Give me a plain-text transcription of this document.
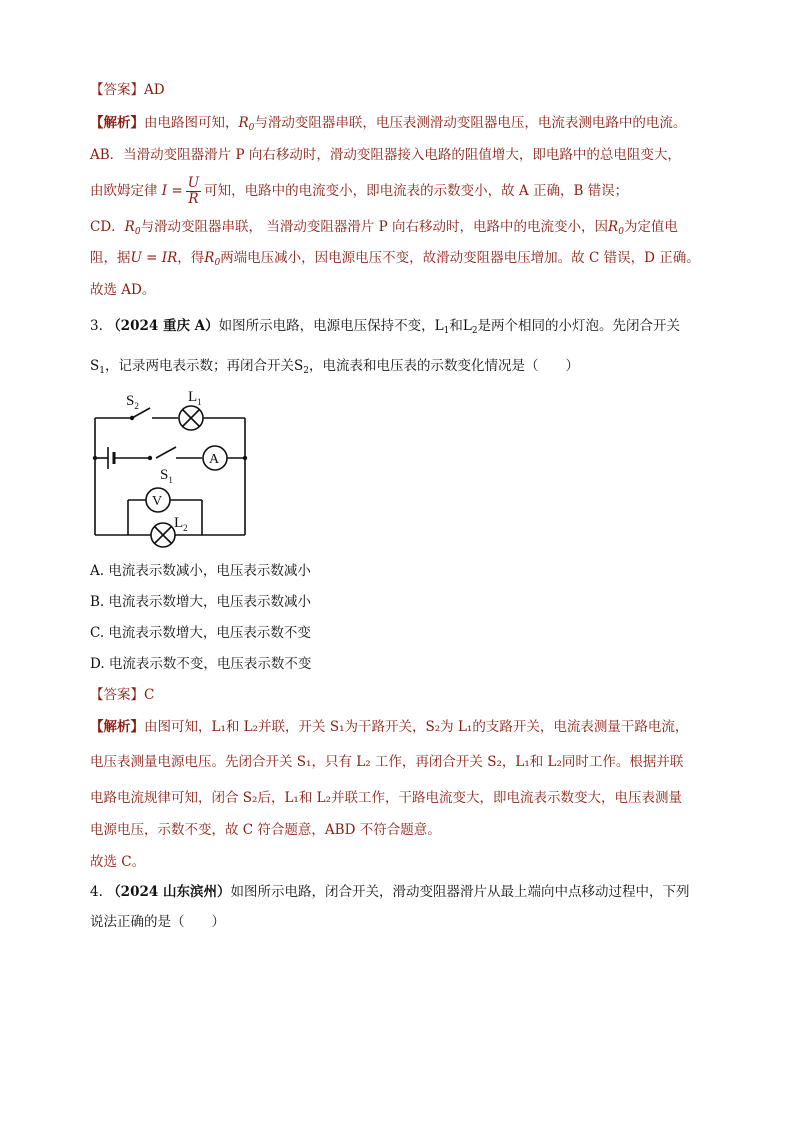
【答案】AD
【解析】由电路图可知，$R_0$与滑动变阻器串联，电压表测滑动变阻器电压，电流表测电路中的电流。
AB．当滑动变阻器滑片 P 向右移动时，滑动变阻器接入电路的阻值增大，即电路中的总电阻变大，
由欧姆定律 $I = \frac{U}{R}$ 可知，电路中的电流变小，即电流表的示数变小，故 A 正确，B 错误；
CD．$R_0$与滑动变阻器串联， 当滑动变阻器滑片 P 向右移动时，电路中的电流变小，因$R_0$为定值电
阻，据U = IR，得$R_0$两端电压减小，因电源电压不变，故滑动变阻器电压增加。故 C 错误，D 正确。
故选 AD。
3. （2024 重庆 A）如图所示电路，电源电压保持不变，$L_1$和$L_2$是两个相同的小灯泡。先闭合开关
$S_1$，记录两电表示数；再闭合开关$S_2$，电流表和电压表的示数变化情况是（　　）
$S_2$
$L_1$
$S_1$
A
V
$L_2$
A. 电流表示数减小，电压表示数减小
B. 电流表示数增大，电压表示数减小
C. 电流表示数增大，电压表示数不变
D. 电流表示数不变，电压表示数不变
【答案】C
【解析】由图可知，L₁和 L₂并联，开关 S₁为干路开关，S₂为 L₁的支路开关，电流表测量干路电流，
电压表测量电源电压。先闭合开关 S₁，只有 L₂ 工作，再闭合开关 S₂，L₁和 L₂同时工作。根据并联
电路电流规律可知，闭合 S₂后，L₁和 L₂并联工作，干路电流变大，即电流表示数变大，电压表测量
电源电压，示数不变，故 C 符合题意，ABD 不符合题意。
故选 C。
4. （2024 山东滨州）如图所示电路，闭合开关，滑动变阻器滑片从最上端向中点移动过程中，下列
说法正确的是（　　）
